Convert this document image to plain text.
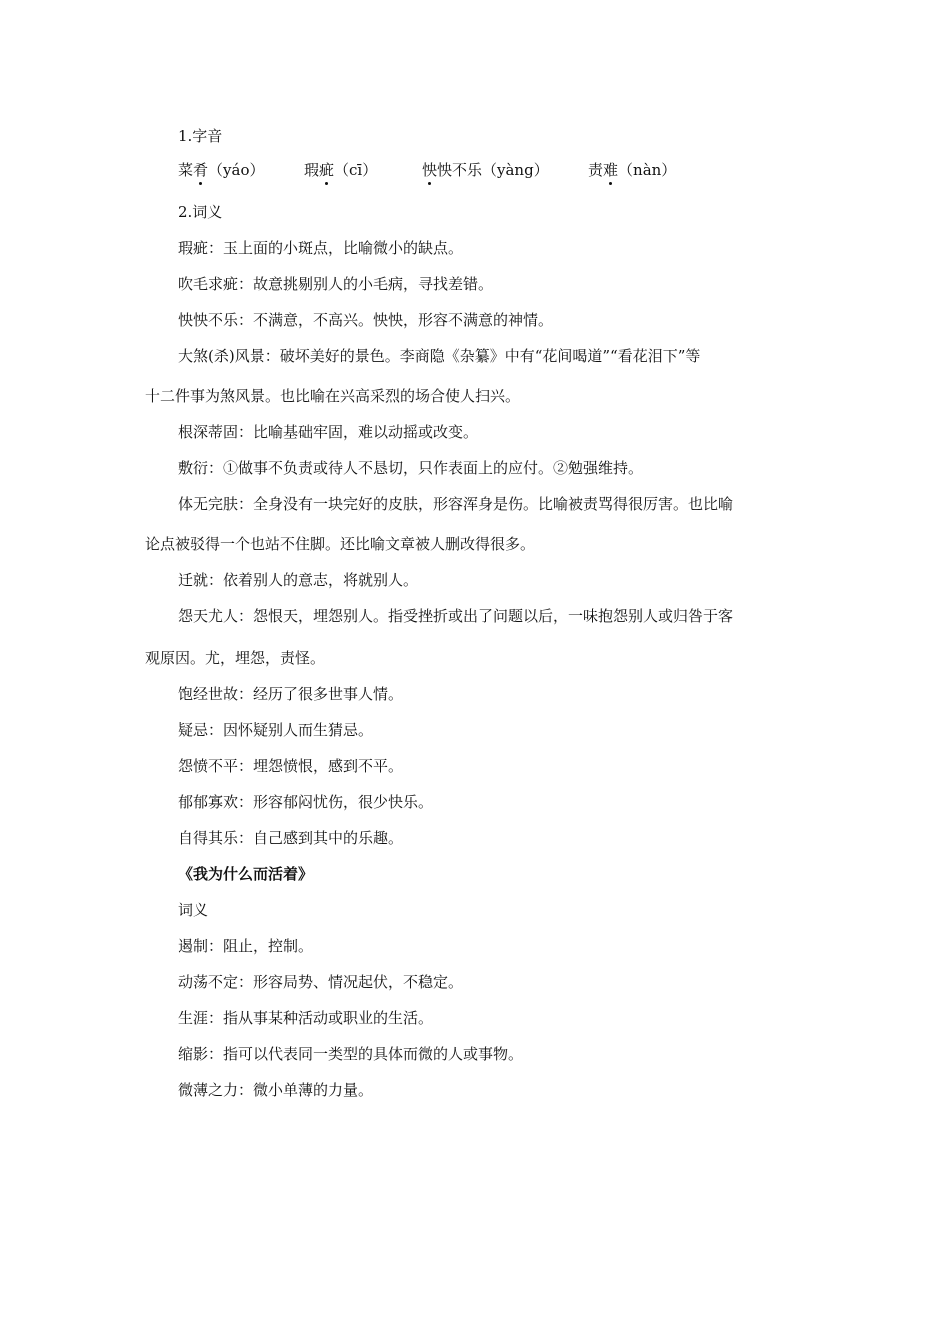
1.字音
菜肴（yáo）	瑕疵（cī）	怏怏不乐（yàng）	责难（nàn）
2.词义
瑕疵：玉上面的小斑点，比喻微小的缺点。
吹毛求疵：故意挑剔别人的小毛病，寻找差错。
怏怏不乐：不满意，不高兴。怏怏，形容不满意的神情。
大煞(杀)风景：破坏美好的景色。李商隐《杂纂》中有“花间喝道”“看花泪下”等
十二件事为煞风景。也比喻在兴高采烈的场合使人扫兴。
根深蒂固：比喻基础牢固，难以动摇或改变。
敷衍：①做事不负责或待人不恳切，只作表面上的应付。②勉强维持。
体无完肤：全身没有一块完好的皮肤，形容浑身是伤。比喻被责骂得很厉害。也比喻
论点被驳得一个也站不住脚。还比喻文章被人删改得很多。
迁就：依着别人的意志，将就别人。
怨天尤人：怨恨天，埋怨别人。指受挫折或出了问题以后，一味抱怨别人或归咎于客
观原因。尤，埋怨，责怪。
饱经世故：经历了很多世事人情。
疑忌：因怀疑别人而生猜忌。
怨愤不平：埋怨愤恨，感到不平。
郁郁寡欢：形容郁闷忧伤，很少快乐。
自得其乐：自己感到其中的乐趣。
《我为什么而活着》
词义
遏制：阻止，控制。
动荡不定：形容局势、情况起伏，不稳定。
生涯：指从事某种活动或职业的生活。
缩影：指可以代表同一类型的具体而微的人或事物。
微薄之力：微小单薄的力量。
